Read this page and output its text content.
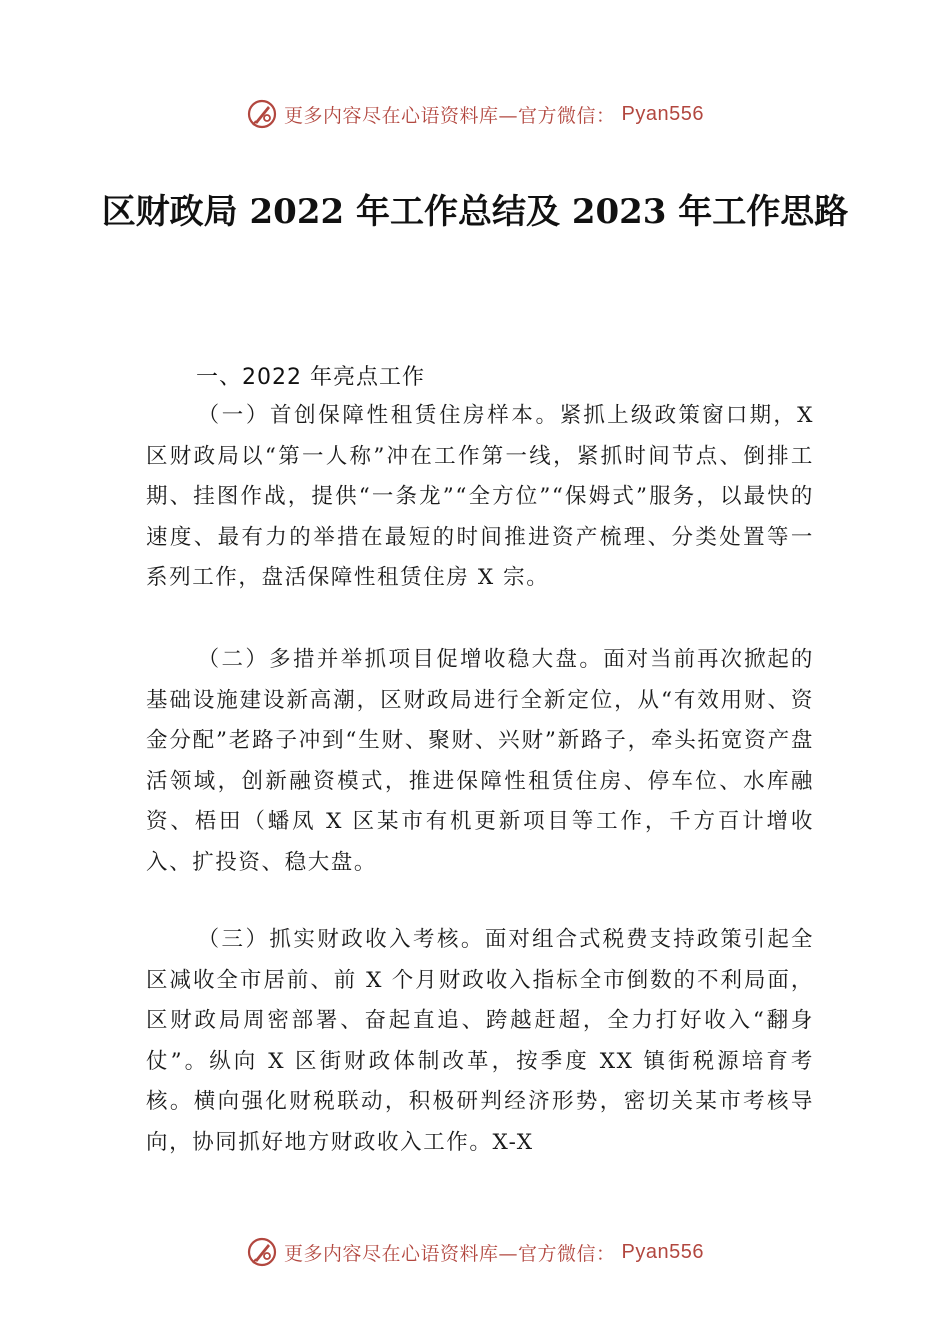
更多内容尽在心语资料库—官方微信： Pyan556
区财政局 2022 年工作总结及 2023 年工作思路
一、2022 年亮点工作
（一）首创保障性租赁住房样本。紧抓上级政策窗口期，X 区财政局以“第一人称”冲在工作第一线，紧抓时间节点、倒排工期、挂图作战，提供“一条龙”“全方位”“保姆式”服务，以最快的速度、最有力的举措在最短的时间推进资产梳理、分类处置等一系列工作，盘活保障性租赁住房 X 宗。
（二）多措并举抓项目促增收稳大盘。面对当前再次掀起的基础设施建设新高潮，区财政局进行全新定位，从“有效用财、资金分配”老路子冲到“生财、聚财、兴财”新路子，牵头拓宽资产盘活领域，创新融资模式，推进保障性租赁住房、停车位、水库融资、梧田（蟠凤 X 区某市有机更新项目等工作，千方百计增收入、扩投资、稳大盘。
（三）抓实财政收入考核。面对组合式税费支持政策引起全区减收全市居前、前 X 个月财政收入指标全市倒数的不利局面，区财政局周密部署、奋起直追、跨越赶超，全力打好收入“翻身仗”。纵向 X 区街财政体制改革，按季度 XX 镇街税源培育考核。横向强化财税联动，积极研判经济形势，密切关某市考核导向，协同抓好地方财政收入工作。X-X
更多内容尽在心语资料库—官方微信： Pyan556
